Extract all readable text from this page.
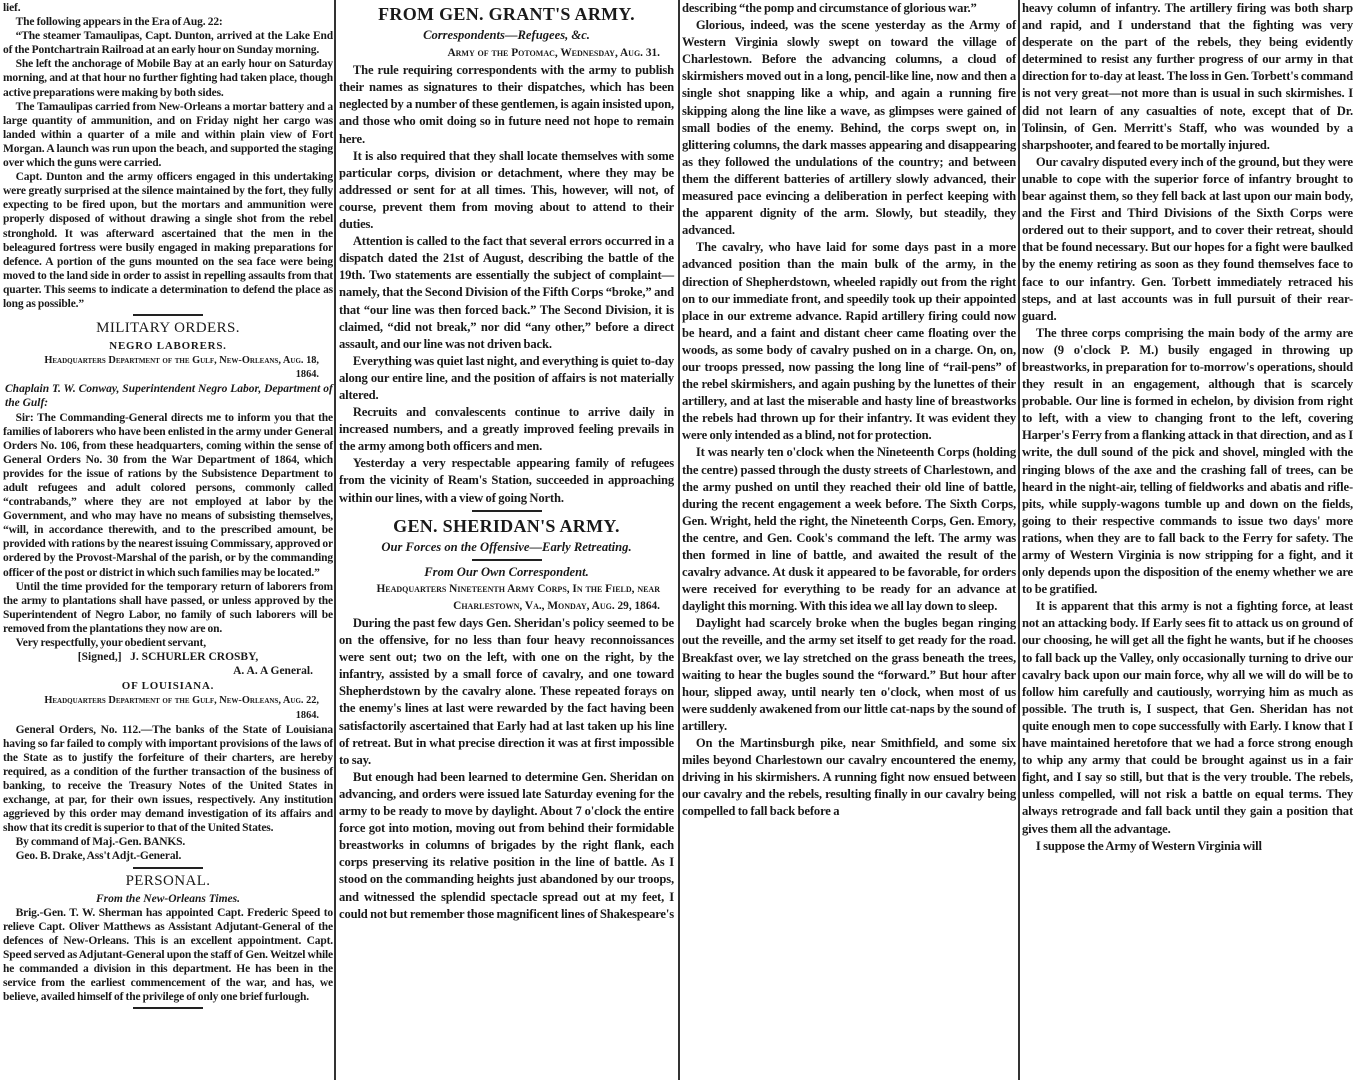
lief.
The following appears in the Era of Aug. 22:
“The steamer Tamaulipas, Capt. Dunton, arrived at the Lake End of the Pontchartrain Railroad at an early hour on Sunday morning.
She left the anchorage of Mobile Bay at an early hour on Saturday morning, and at that hour no further fighting had taken place, though active preparations were making by both sides.
The Tamaulipas carried from New-Orleans a mortar battery and a large quantity of ammunition, and on Friday night her cargo was landed within a quarter of a mile and within plain view of Fort Morgan. A launch was run upon the beach, and supported the staging over which the guns were carried.
Capt. Dunton and the army officers engaged in this undertaking were greatly surprised at the silence maintained by the fort, they fully expecting to be fired upon, but the mortars and ammunition were properly disposed of without drawing a single shot from the rebel stronghold. It was afterward ascertained that the men in the beleagured fortress were busily engaged in making preparations for defence. A portion of the guns mounted on the sea face were being moved to the land side in order to assist in repelling assaults from that quarter. This seems to indicate a determination to defend the place as long as possible.”
MILITARY ORDERS.
NEGRO LABORERS.
Headquarters Department of the Gulf, New-Orleans, Aug. 18, 1864.
Chaplain T. W. Conway, Superintendent Negro Labor, Department of the Gulf:
Sir: The Commanding-General directs me to inform you that the families of laborers who have been enlisted in the army under General Orders No. 106, from these headquarters, coming within the sense of General Orders No. 30 from the War Department of 1864, which provides for the issue of rations by the Subsistence Department to adult refugees and adult colored persons, commonly called “contrabands,” where they are not employed at labor by the Government, and who may have no means of subsisting themselves, “will, in accordance therewith, and to the prescribed amount, be provided with rations by the nearest issuing Commissary, approved or ordered by the Provost-Marshal of the parish, or by the commanding officer of the post or district in which such families may be located.”
Until the time provided for the temporary return of laborers from the army to plantations shall have passed, or unless approved by the Superintendent of Negro Labor, no family of such laborers will be removed from the plantations they now are on.
Very respectfully, your obedient servant,
[Signed,]   J. SCHURLER CROSBY,
A. A. A General.
OF LOUISIANA.
Headquarters Department of the Gulf, New-Orleans, Aug. 22, 1864.
General Orders, No. 112.—The banks of the State of Louisiana having so far failed to comply with important provisions of the laws of the State as to justify the forfeiture of their charters, are hereby required, as a condition of the further transaction of the business of banking, to receive the Treasury Notes of the United States in exchange, at par, for their own issues, respectively. Any institution aggrieved by this order may demand investigation of its affairs and show that its credit is superior to that of the United States.
By command of Maj.-Gen. BANKS.
Geo. B. Drake, Ass't Adjt.-General.
PERSONAL.
From the New-Orleans Times.
Brig.-Gen. T. W. Sherman has appointed Capt. Frederic Speed to relieve Capt. Oliver Matthews as Assistant Adjutant-General of the defences of New-Orleans. This is an excellent appointment. Capt. Speed served as Adjutant-General upon the staff of Gen. Weitzel while he commanded a division in this department. He has been in the service from the earliest commencement of the war, and has, we believe, availed himself of the privilege of only one brief furlough.
FROM GEN. GRANT'S ARMY.
Correspondents—Refugees, &c.
Army of the Potomac, Wednesday, Aug. 31.
The rule requiring correspondents with the army to publish their names as signatures to their dispatches, which has been neglected by a number of these gentlemen, is again insisted upon, and those who omit doing so in future need not hope to remain here.
It is also required that they shall locate themselves with some particular corps, division or detachment, where they may be addressed or sent for at all times. This, however, will not, of course, prevent them from moving about to attend to their duties.
Attention is called to the fact that several errors occurred in a dispatch dated the 21st of August, describing the battle of the 19th. Two statements are essentially the subject of complaint—namely, that the Second Division of the Fifth Corps “broke,” and that “our line was then forced back.” The Second Division, it is claimed, “did not break,” nor did “any other,” before a direct assault, and our line was not driven back.
Everything was quiet last night, and everything is quiet to-day along our entire line, and the position of affairs is not materially altered.
Recruits and convalescents continue to arrive daily in increased numbers, and a greatly improved feeling prevails in the army among both officers and men.
Yesterday a very respectable appearing family of refugees from the vicinity of Ream's Station, succeeded in approaching within our lines, with a view of going North.
GEN. SHERIDAN'S ARMY.
Our Forces on the Offensive—Early Retreating.
From Our Own Correspondent.
Headquarters Nineteenth Army Corps, In the Field, near Charlestown, Va., Monday, Aug. 29, 1864.
During the past few days Gen. Sheridan's policy seemed to be on the offensive, for no less than four heavy reconnoissances were sent out; two on the left, with one on the right, by the infantry, assisted by a small force of cavalry, and one toward Shepherdstown by the cavalry alone. These repeated forays on the enemy's lines at last were rewarded by the fact having been satisfactorily ascertained that Early had at last taken up his line of retreat. But in what precise direction it was at first impossible to say.
But enough had been learned to determine Gen. Sheridan on advancing, and orders were issued late Saturday evening for the army to be ready to move by daylight. About 7 o'clock the entire force got into motion, moving out from behind their formidable breastworks in columns of brigades by the right flank, each corps preserving its relative position in the line of battle. As I stood on the commanding heights just abandoned by our troops, and witnessed the splendid spectacle spread out at my feet, I could not but remember those magnificent lines of Shakespeare's
describing “the pomp and circumstance of glorious war.”
Glorious, indeed, was the scene yesterday as the Army of Western Virginia slowly swept on toward the village of Charlestown. Before the advancing columns, a cloud of skirmishers moved out in a long, pencil-like line, now and then a single shot snapping like a whip, and again a running fire skipping along the line like a wave, as glimpses were gained of small bodies of the enemy. Behind, the corps swept on, in glittering columns, the dark masses appearing and disappearing as they followed the undulations of the country; and between them the different batteries of artillery slowly advanced, their measured pace evincing a deliberation in perfect keeping with the apparent dignity of the arm. Slowly, but steadily, they advanced.
The cavalry, who have laid for some days past in a more advanced position than the main bulk of the army, in the direction of Shepherdstown, wheeled rapidly out from the right on to our immediate front, and speedily took up their appointed place in our extreme advance. Rapid artillery firing could now be heard, and a faint and distant cheer came floating over the woods, as some body of cavalry pushed on in a charge. On, on, our troops pressed, now passing the long line of “rail-pens” of the rebel skirmishers, and again pushing by the lunettes of their artillery, and at last the miserable and hasty line of breastworks the rebels had thrown up for their infantry. It was evident they were only intended as a blind, not for protection.
It was nearly ten o'clock when the Nineteenth Corps (holding the centre) passed through the dusty streets of Charlestown, and the army pushed on until they reached their old line of battle, during the recent engagement a week before. The Sixth Corps, Gen. Wright, held the right, the Nineteenth Corps, Gen. Emory, the centre, and Gen. Cook's command the left. The army was then formed in line of battle, and awaited the result of the cavalry advance. At dusk it appeared to be favorable, for orders were received for everything to be ready for an advance at daylight this morning. With this idea we all lay down to sleep.
Daylight had scarcely broke when the bugles began ringing out the reveille, and the army set itself to get ready for the road. Breakfast over, we lay stretched on the grass beneath the trees, waiting to hear the bugles sound the “forward.” But hour after hour, slipped away, until nearly ten o'clock, when most of us were suddenly awakened from our little cat-naps by the sound of artillery.
On the Martinsburgh pike, near Smithfield, and some six miles beyond Charlestown our cavalry encountered the enemy, driving in his skirmishers. A running fight now ensued between our cavalry and the rebels, resulting finally in our cavalry being compelled to fall back before a
heavy column of infantry. The artillery firing was both sharp and rapid, and I understand that the fighting was very desperate on the part of the rebels, they being evidently determined to resist any further progress of our army in that direction for to-day at least. The loss in Gen. Torbett's command is not very great—not more than is usual in such skirmishes. I did not learn of any casualties of note, except that of Dr. Tolinsin, of Gen. Merritt's Staff, who was wounded by a sharpshooter, and feared to be mortally injured.
Our cavalry disputed every inch of the ground, but they were unable to cope with the superior force of infantry brought to bear against them, so they fell back at last upon our main body, and the First and Third Divisions of the Sixth Corps were ordered out to their support, and to cover their retreat, should that be found necessary. But our hopes for a fight were baulked by the enemy retiring as soon as they found themselves face to face to our infantry. Gen. Torbett immediately retraced his steps, and at last accounts was in full pursuit of their rear-guard.
The three corps comprising the main body of the army are now (9 o'clock P. M.) busily engaged in throwing up breastworks, in preparation for to-morrow's operations, should they result in an engagement, although that is scarcely probable. Our line is formed in echelon, by division from right to left, with a view to changing front to the left, covering Harper's Ferry from a flanking attack in that direction, and as I write, the dull sound of the pick and shovel, mingled with the ringing blows of the axe and the crashing fall of trees, can be heard in the night-air, telling of fieldworks and abatis and rifle-pits, while supply-wagons tumble up and down on the fields, going to their respective commands to issue two days' more rations, when they are to fall back to the Ferry for safety. The army of Western Virginia is now stripping for a fight, and it only depends upon the disposition of the enemy whether we are to be gratified.
It is apparent that this army is not a fighting force, at least not an attacking body. If Early sees fit to attack us on ground of our choosing, he will get all the fight he wants, but if he chooses to fall back up the Valley, only occasionally turning to drive our cavalry back upon our main force, why all we will do will be to follow him carefully and cautiously, worrying him as much as possible. The truth is, I suspect, that Gen. Sheridan has not quite enough men to cope successfully with Early. I know that I have maintained heretofore that we had a force strong enough to whip any army that could be brought against us in a fair fight, and I say so still, but that is the very trouble. The rebels, unless compelled, will not risk a battle on equal terms. They always retrograde and fall back until they gain a position that gives them all the advantage.
I suppose the Army of Western Virginia will
